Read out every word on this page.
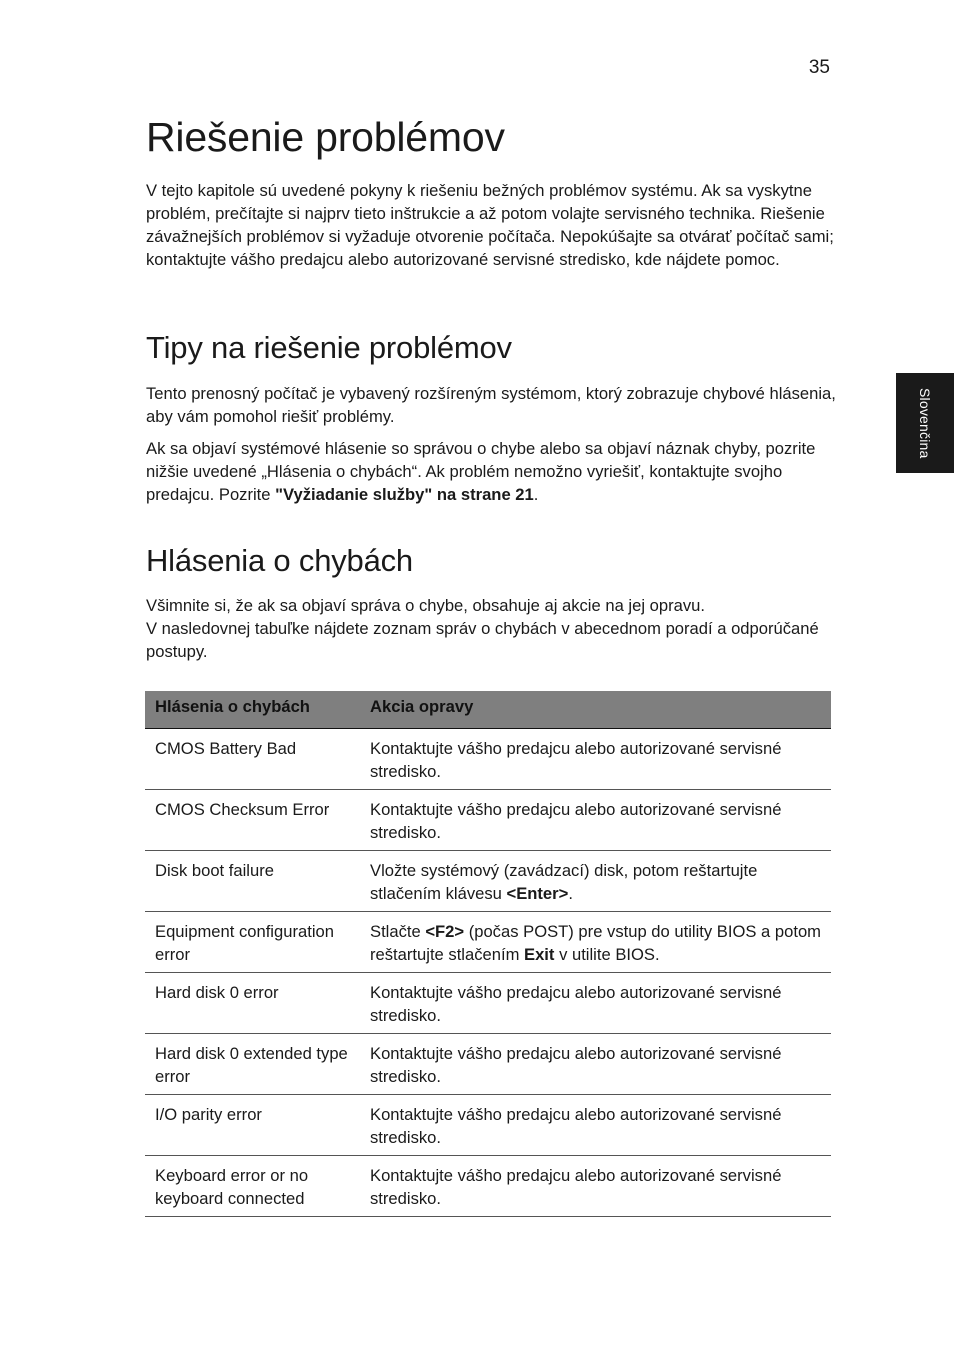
35
Slovenčina
Riešenie problémov

V tejto kapitole sú uvedené pokyny k riešeniu bežných problémov systému. Ak sa vyskytne problém, prečítajte si najprv tieto inštrukcie a až potom volajte servisného technika. Riešenie závažnejších problémov si vyžaduje otvorenie počítača. Nepokúšajte sa otvárať počítač sami; kontaktujte vášho predajcu alebo autorizované servisné stredisko, kde nájdete pomoc.

Tipy na riešenie problémov

Tento prenosný počítač je vybavený rozšíreným systémom, ktorý zobrazuje chybové hlásenia, aby vám pomohol riešiť problémy.

Ak sa objaví systémové hlásenie so správou o chybe alebo sa objaví náznak chyby, pozrite nižšie uvedené „Hlásenia o chybách“. Ak problém nemožno vyriešiť, kontaktujte svojho predajcu. Pozrite "Vyžiadanie služby" na strane 21.

Hlásenia o chybách

Všimnite si, že ak sa objaví správa o chybe, obsahuje aj akcie na jej opravu.

V nasledovnej tabuľke nájdete zoznam správ o chybách v abecednom poradí a odporúčané postupy.

Hlásenia o chybách	Akcia opravy
CMOS Battery Bad	Kontaktujte vášho predajcu alebo autorizované servisné stredisko.
CMOS Checksum Error	Kontaktujte vášho predajcu alebo autorizované servisné stredisko.
Disk boot failure	Vložte systémový (zavádzací) disk, potom reštartujte stlačením klávesu <Enter>.
Equipment configuration error	Stlačte <F2> (počas POST) pre vstup do utility BIOS a potom reštartujte stlačením Exit v utilite BIOS.
Hard disk 0 error	Kontaktujte vášho predajcu alebo autorizované servisné stredisko.
Hard disk 0 extended type error	Kontaktujte vášho predajcu alebo autorizované servisné stredisko.
I/O parity error	Kontaktujte vášho predajcu alebo autorizované servisné stredisko.
Keyboard error or no keyboard connected	Kontaktujte vášho predajcu alebo autorizované servisné stredisko.
